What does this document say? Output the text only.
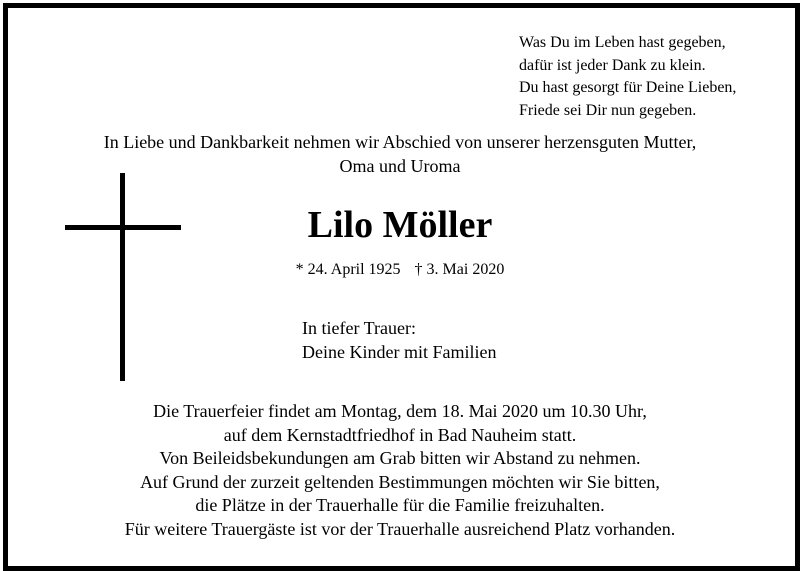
Was Du im Leben hast gegeben,
dafür ist jeder Dank zu klein.
Du hast gesorgt für Deine Lieben,
Friede sei Dir nun gegeben.
In Liebe und Dankbarkeit nehmen wir Abschied von unserer herzensguten Mutter,
Oma und Uroma
Lilo Möller
* 24. April 1925 † 3. Mai 2020
In tiefer Trauer:
Deine Kinder mit Familien
Die Trauerfeier findet am Montag, dem 18. Mai 2020 um 10.30 Uhr,
auf dem Kernstadtfriedhof in Bad Nauheim statt.
Von Beileidsbekundungen am Grab bitten wir Abstand zu nehmen.
Auf Grund der zurzeit geltenden Bestimmungen möchten wir Sie bitten,
die Plätze in der Trauerhalle für die Familie freizuhalten.
Für weitere Trauergäste ist vor der Trauerhalle ausreichend Platz vorhanden.
